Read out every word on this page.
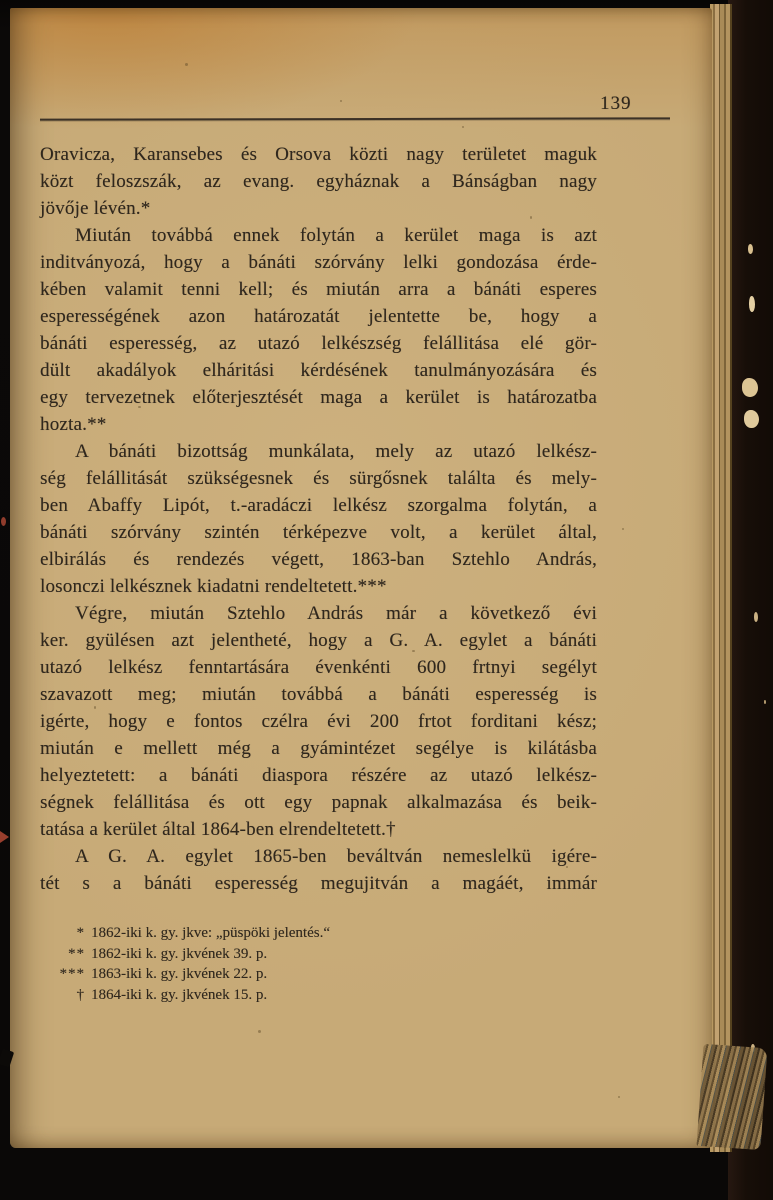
139
Oravicza, Karansebes és Orsova közti nagy területet maguk
közt feloszszák, az evang. egyháznak a Bánságban nagy
jövője lévén.*
Miután továbbá ennek folytán a kerület maga is azt
inditványozá, hogy a bánáti szórvány lelki gondozása érde-
kében valamit tenni kell; és miután arra a bánáti esperes
esperességének azon határozatát jelentette be, hogy a
bánáti esperesség, az utazó lelkészség felállitása elé gör-
dült akadályok elháritási kérdésének tanulmányozására és
egy tervezetnek előterjesztését maga a kerület is határozatba
hozta.**
A bánáti bizottság munkálata, mely az utazó lelkész-
ség felállitását szükségesnek és sürgősnek találta és mely-
ben Abaffy Lipót, t.-aradáczi lelkész szorgalma folytán, a
bánáti szórvány szintén térképezve volt, a kerület által,
elbirálás és rendezés végett, 1863-ban Sztehlo András,
losonczi lelkésznek kiadatni rendeltetett.***
Végre, miután Sztehlo András már a következő évi
ker. gyülésen azt jelentheté, hogy a G. A. egylet a bánáti
utazó lelkész fenntartására évenkénti 600 frtnyi segélyt
szavazott meg; miután továbbá a bánáti esperesség is
igérte, hogy e fontos czélra évi 200 frtot forditani kész;
miután e mellett még a gyámintézet segélye is kilátásba
helyeztetett: a bánáti diaspora részére az utazó lelkész-
ségnek felállitása és ott egy papnak alkalmazása és beik-
tatása a kerület által 1864-ben elrendeltetett.†
A G. A. egylet 1865-ben beváltván nemeslelkü igére-
tét s a bánáti esperesség megujitván a magáét, immár
* 1862-iki k. gy. jkve: „püspöki jelentés.“
** 1862-iki k. gy. jkvének 39. p.
*** 1863-iki k. gy. jkvének 22. p.
† 1864-iki k. gy. jkvének 15. p.
